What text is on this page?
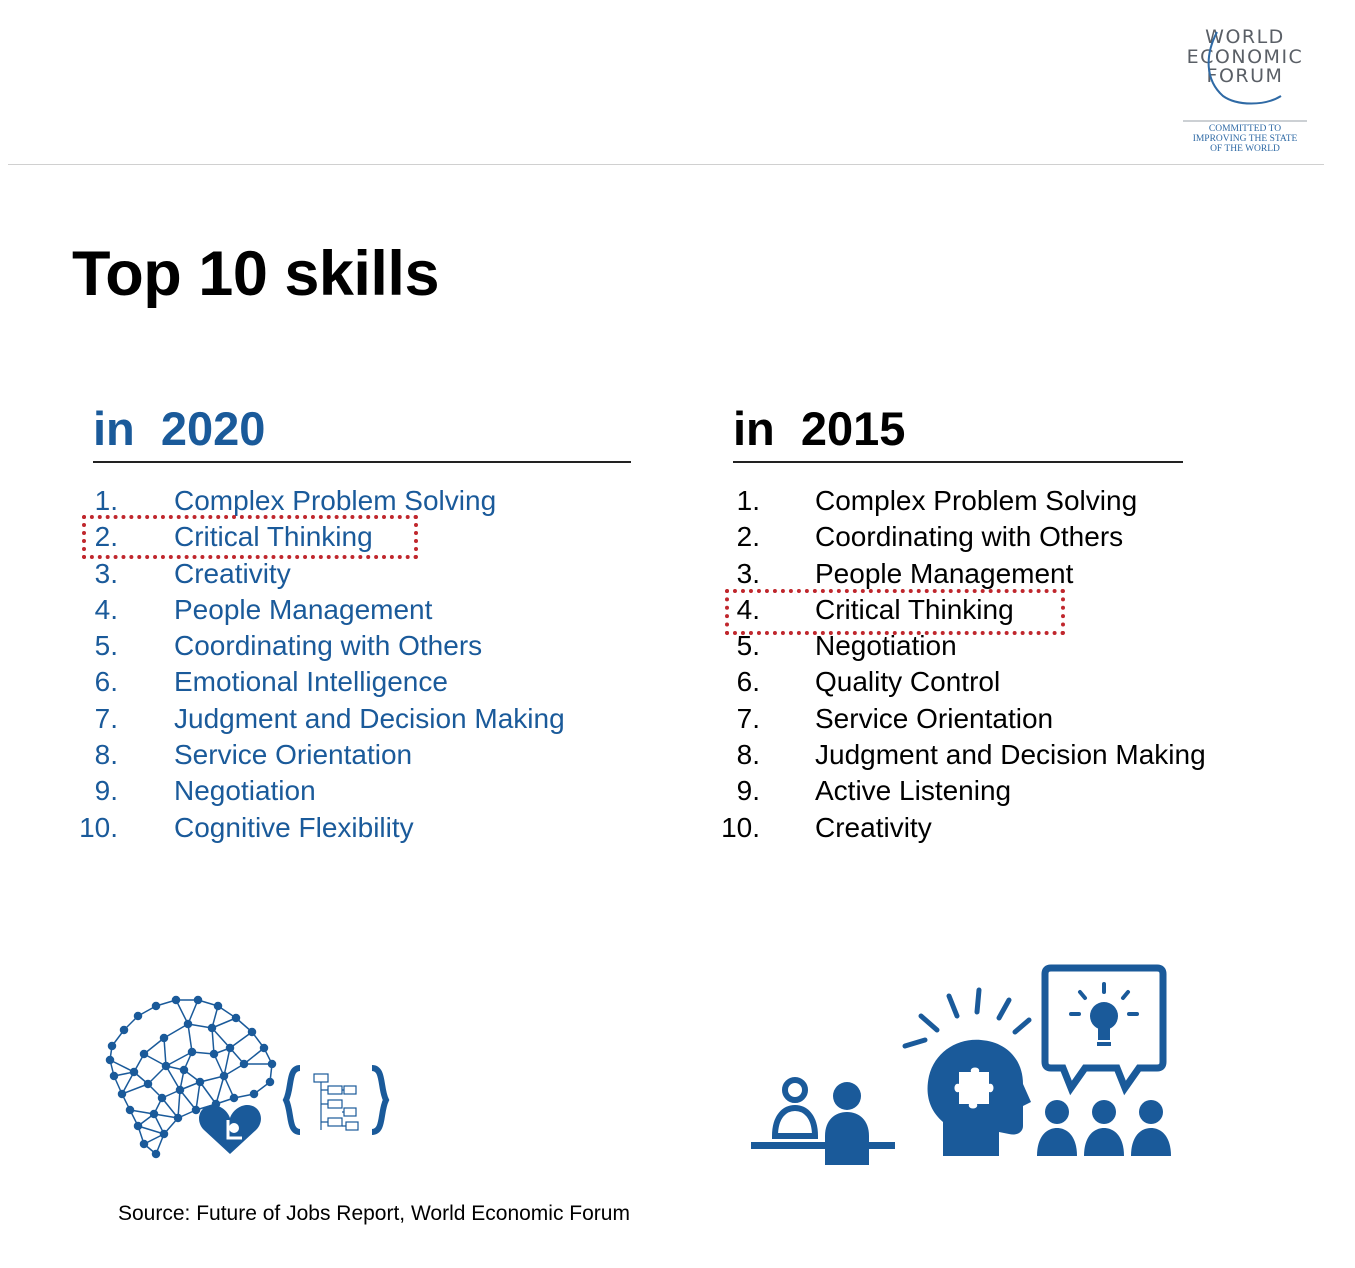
WORLD
ECONOMIC
FORUM
COMMITTED TO
IMPROVING THE STATE
OF THE WORLD
Top 10 skills
in  2020
1. Complex Problem Solving
2. Critical Thinking
3. Creativity
4. People Management
5. Coordinating with Others
6. Emotional Intelligence
7. Judgment and Decision Making
8. Service Orientation
9. Negotiation
10. Cognitive Flexibility
in  2015
1. Complex Problem Solving
2. Coordinating with Others
3. People Management
4. Critical Thinking
5. Negotiation
6. Quality Control
7. Service Orientation
8. Judgment and Decision Making
9. Active Listening
10. Creativity
Source: Future of Jobs Report, World Economic Forum
